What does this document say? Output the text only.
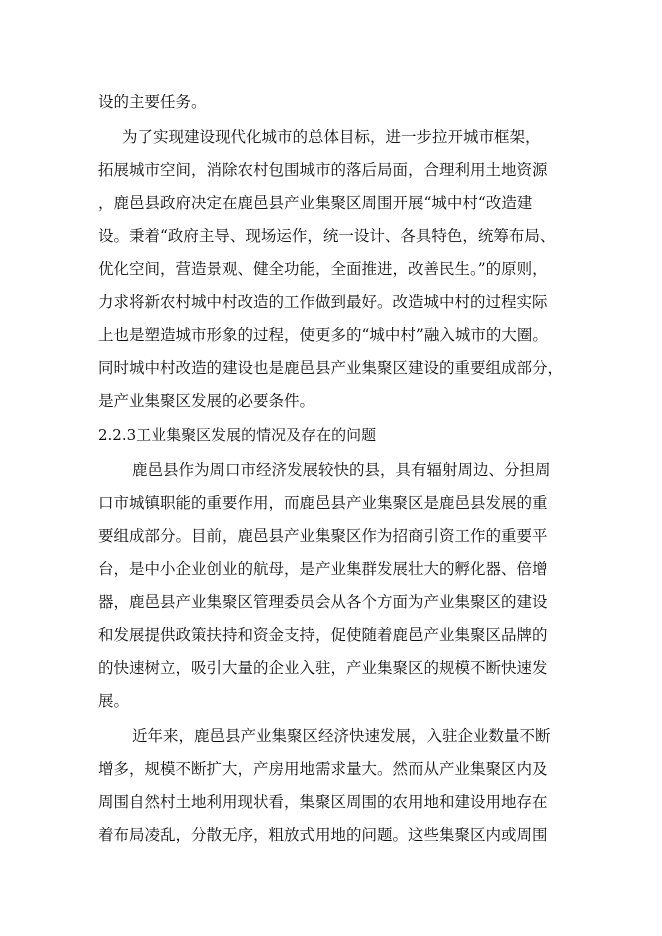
设的主要任务。
为了实现建设现代化城市的总体目标，进一步拉开城市框架，
拓展城市空间，消除农村包围城市的落后局面，合理利用土地资源
，鹿邑县政府决定在鹿邑县产业集聚区周围开展“城中村“改造建
设。秉着“政府主导、现场运作，统一设计、各具特色，统筹布局、
优化空间，营造景观、健全功能，全面推进，改善民生。”的原则，
力求将新农村城中村改造的工作做到最好。改造城中村的过程实际
上也是塑造城市形象的过程，使更多的“城中村”融入城市的大圈。
同时城中村改造的建设也是鹿邑县产业集聚区建设的重要组成部分，
是产业集聚区发展的必要条件。
2.2.3工业集聚区发展的情况及存在的问题
鹿邑县作为周口市经济发展较快的县，具有辐射周边、分担周
口市城镇职能的重要作用，而鹿邑县产业集聚区是鹿邑县发展的重
要组成部分。目前，鹿邑县产业集聚区作为招商引资工作的重要平
台，是中小企业创业的航母，是产业集群发展壮大的孵化器、倍增
器，鹿邑县产业集聚区管理委员会从各个方面为产业集聚区的建设
和发展提供政策扶持和资金支持，促使随着鹿邑产业集聚区品牌的
的快速树立，吸引大量的企业入驻，产业集聚区的规模不断快速发
展。
近年来，鹿邑县产业集聚区经济快速发展，入驻企业数量不断
增多，规模不断扩大，产房用地需求量大。然而从产业集聚区内及
周围自然村土地利用现状看，集聚区周围的农用地和建设用地存在
着布局凌乱，分散无序，粗放式用地的问题。这些集聚区内或周围
